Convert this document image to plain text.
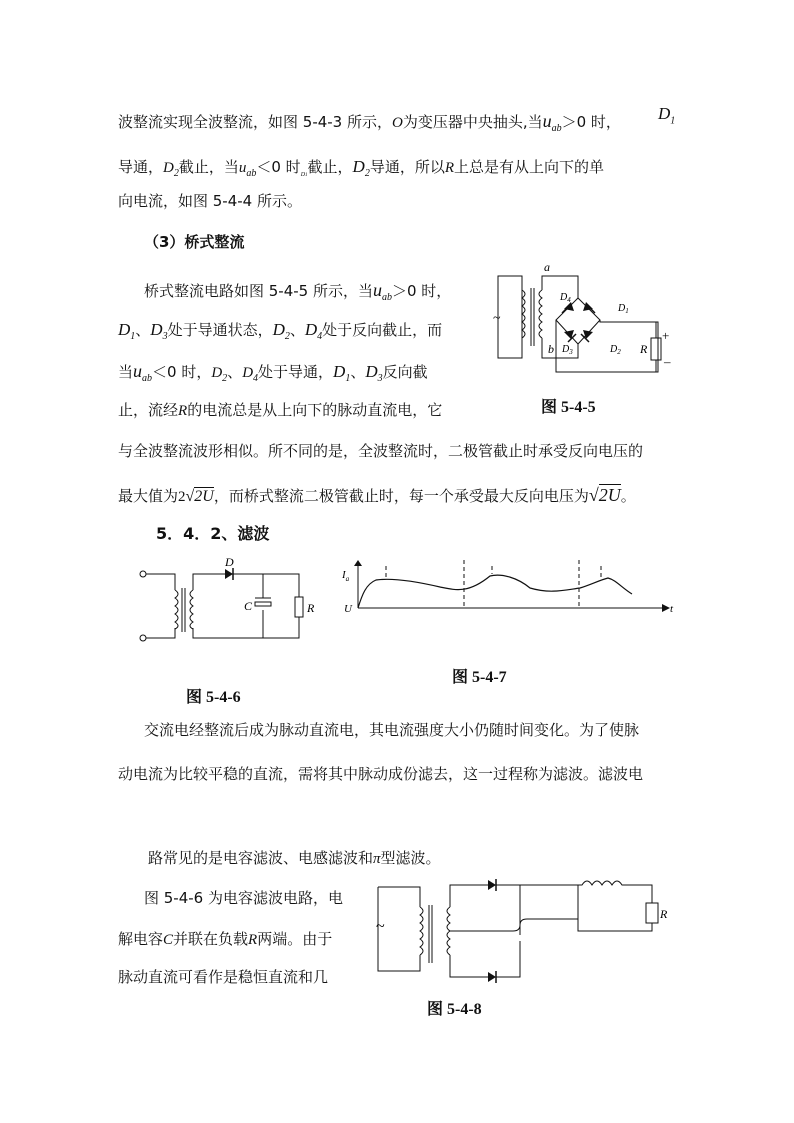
波整流实现全波整流，如图 5-4-3 所示，O为变压器中央抽头,当$u_{ab}>0$ 时， $D_1$
导通，$D_2$截止，当$u_{ab}<0$ 时$_{D1}$截止，$D_2$导通，所以R上总是有从上向下的单
向电流，如图 5-4-4 所示。
（3）桥式整流
桥式整流电路如图 5-4-5 所示，当$u_{ab}>0$ 时，
$D_1$、$D_3$处于导通状态，$D_2$、$D_4$处于反向截止，而
当$u_{ab}<0$ 时，$D_2$、$D_4$处于导通，$D_1$、$D_3$反向截
止，流经R的电流总是从上向下的脉动直流电，它
与全波整流波形相似。所不同的是，全波整流时，二极管截止时承受反向电压的
最大值为2√2U，而桥式整流二极管截止时，每一个承受最大反向电压为√2U。
~
a
b
$D_4$
$D_1$
$D_3$	$D_2$ R
+
–
图 5-4-5
5．4．2、滤波
D
C	R
图 5-4-6
$I_a$
U	t
图 5-4-7
交流电经整流后成为脉动直流电，其电流强度大小仍随时间变化。为了使脉
动电流为比较平稳的直流，需将其中脉动成份滤去，这一过程称为滤波。滤波电
路常见的是电容滤波、电感滤波和π型滤波。
图 5-4-6 为电容滤波电路，电
解电容C并联在负载R两端。由于
脉动直流可看作是稳恒直流和几
~
R
图 5-4-8
